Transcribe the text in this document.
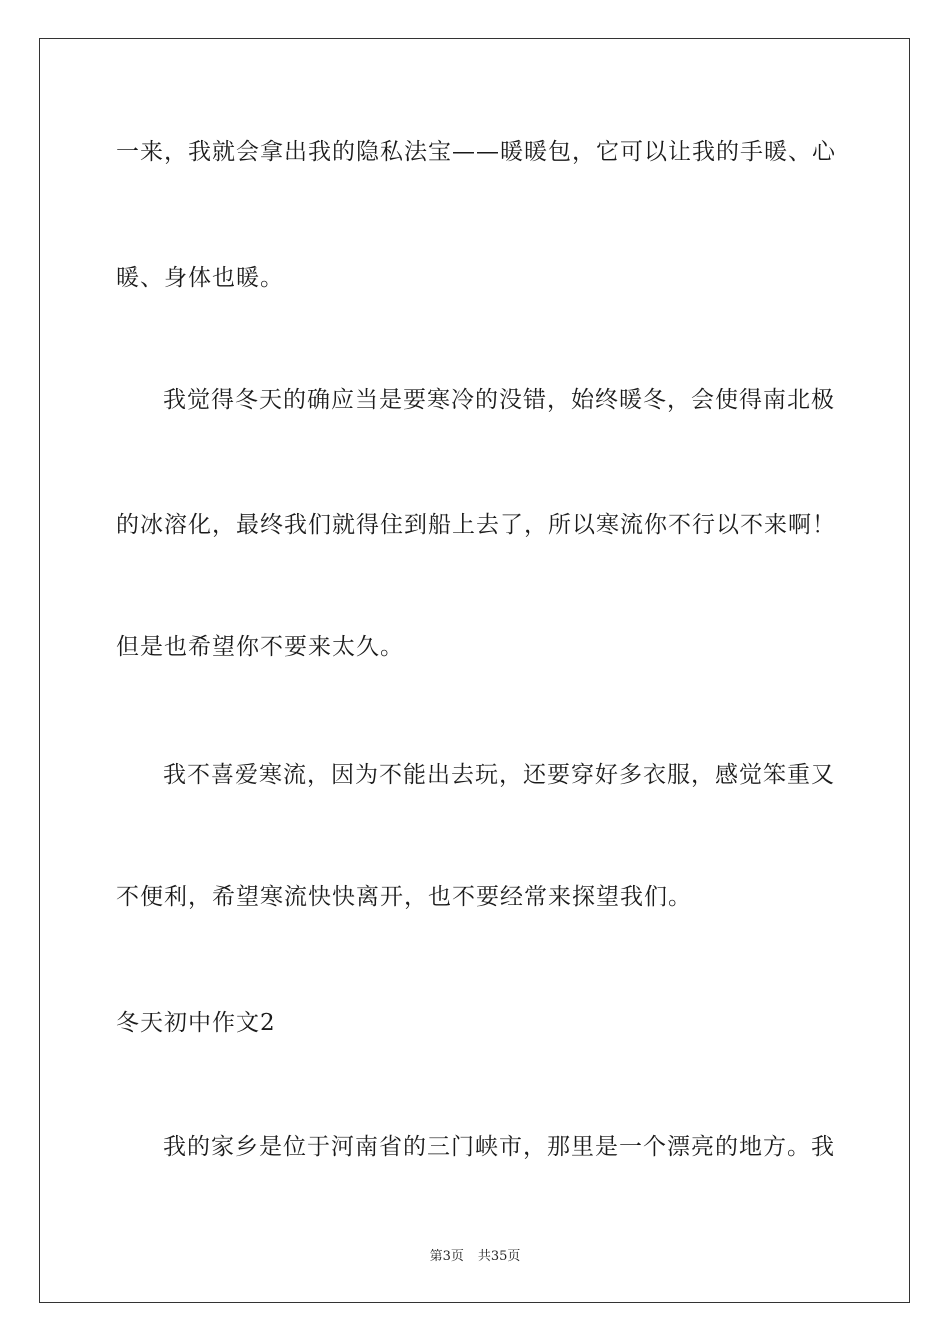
一来，我就会拿出我的隐私法宝——暖暖包，它可以让我的手暖、心
暖、身体也暖。
我觉得冬天的确应当是要寒冷的没错，始终暖冬，会使得南北极
的冰溶化，最终我们就得住到船上去了，所以寒流你不行以不来啊！
但是也希望你不要来太久。
我不喜爱寒流，因为不能出去玩，还要穿好多衣服，感觉笨重又
不便利，希望寒流快快离开，也不要经常来探望我们。
冬天初中作文2
我的家乡是位于河南省的三门峡市，那里是一个漂亮的地方。我
第3页 共35页
